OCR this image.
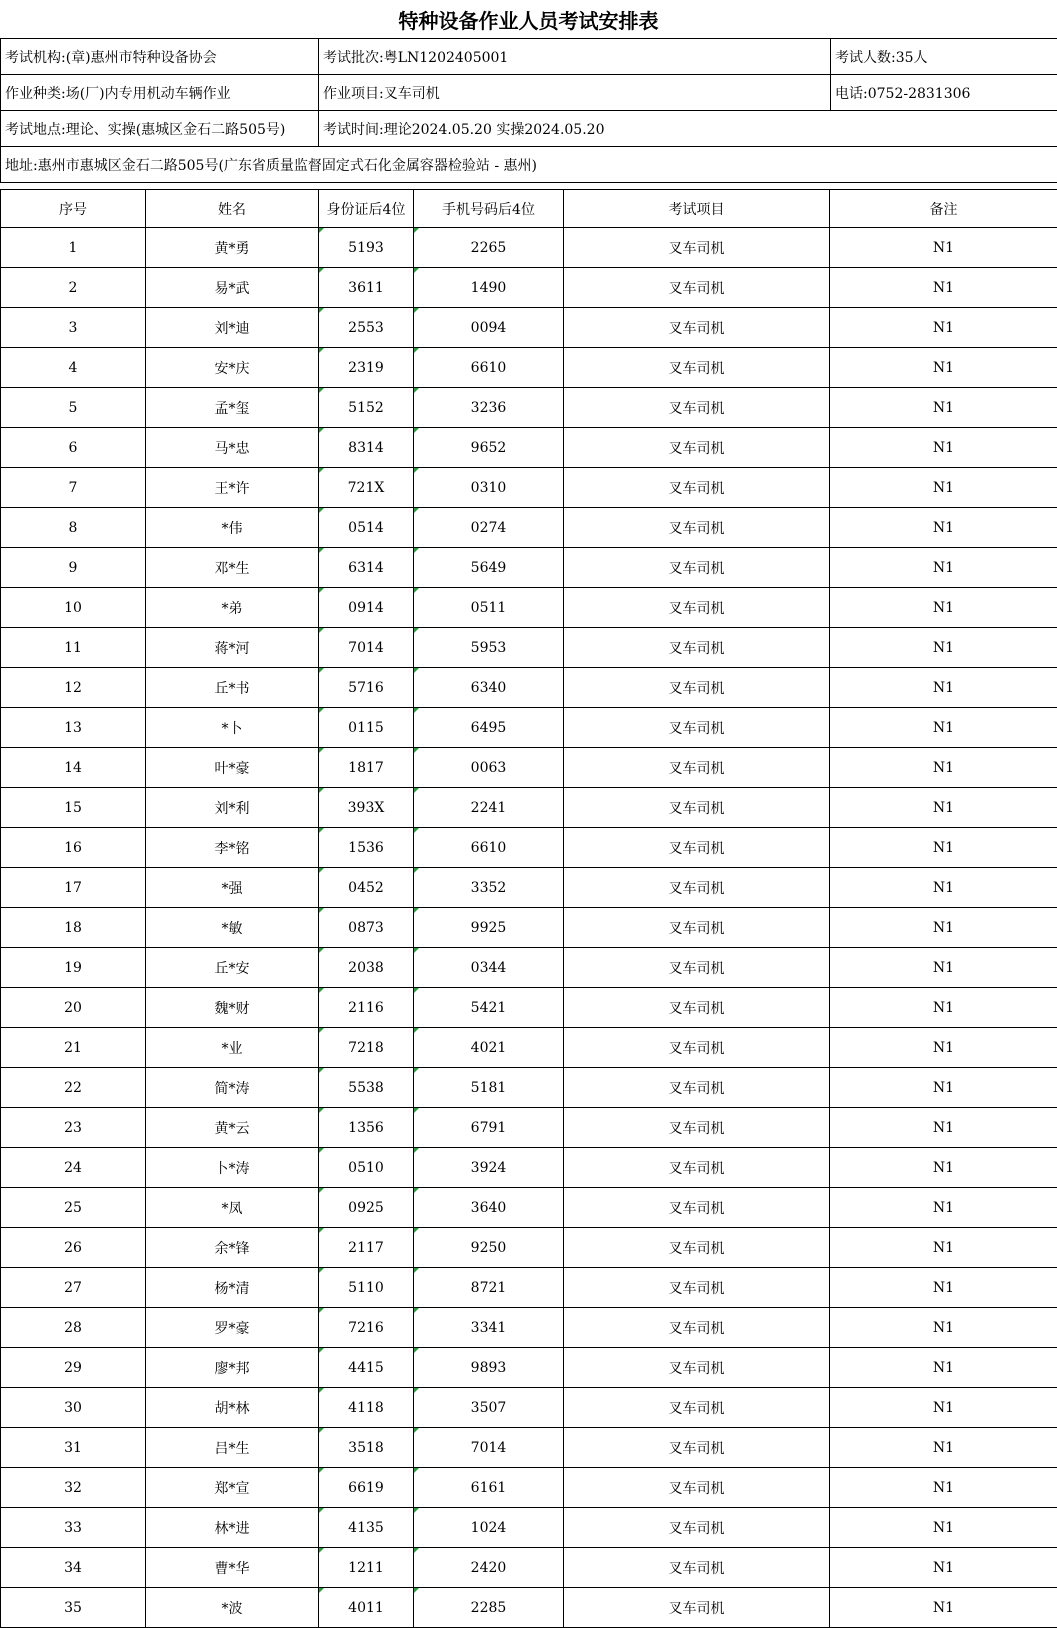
特种设备作业人员考试安排表
考试机构:(章)惠州市特种设备协会	考试批次:粤LN1202405001	考试人数:35人
作业种类:场(厂)内专用机动车辆作业	作业项目:叉车司机	电话:0752-2831306
考试地点:理论、实操(惠城区金石二路505号)	考试时间:理论2024.05.20 实操2024.05.20	
地址:惠州市惠城区金石二路505号(广东省质量监督固定式石化金属容器检验站 - 惠州)		
序号	姓名	身份证后4位	手机号码后4位	考试项目	备注
1	黄*勇	5193	2265	叉车司机	N1
2	易*武	3611	1490	叉车司机	N1
3	刘*迪	2553	0094	叉车司机	N1
4	安*庆	2319	6610	叉车司机	N1
5	孟*玺	5152	3236	叉车司机	N1
6	马*忠	8314	9652	叉车司机	N1
7	王*许	721X	0310	叉车司机	N1
8	*伟	0514	0274	叉车司机	N1
9	邓*生	6314	5649	叉车司机	N1
10	*弟	0914	0511	叉车司机	N1
11	蒋*河	7014	5953	叉车司机	N1
12	丘*书	5716	6340	叉车司机	N1
13	*卜	0115	6495	叉车司机	N1
14	叶*豪	1817	0063	叉车司机	N1
15	刘*利	393X	2241	叉车司机	N1
16	李*铭	1536	6610	叉车司机	N1
17	*强	0452	3352	叉车司机	N1
18	*敏	0873	9925	叉车司机	N1
19	丘*安	2038	0344	叉车司机	N1
20	魏*财	2116	5421	叉车司机	N1
21	*业	7218	4021	叉车司机	N1
22	简*涛	5538	5181	叉车司机	N1
23	黄*云	1356	6791	叉车司机	N1
24	卜*涛	0510	3924	叉车司机	N1
25	*凤	0925	3640	叉车司机	N1
26	余*锋	2117	9250	叉车司机	N1
27	杨*清	5110	8721	叉车司机	N1
28	罗*豪	7216	3341	叉车司机	N1
29	廖*邦	4415	9893	叉车司机	N1
30	胡*林	4118	3507	叉车司机	N1
31	吕*生	3518	7014	叉车司机	N1
32	郑*宣	6619	6161	叉车司机	N1
33	林*进	4135	1024	叉车司机	N1
34	曹*华	1211	2420	叉车司机	N1
35	*波	4011	2285	叉车司机	N1
